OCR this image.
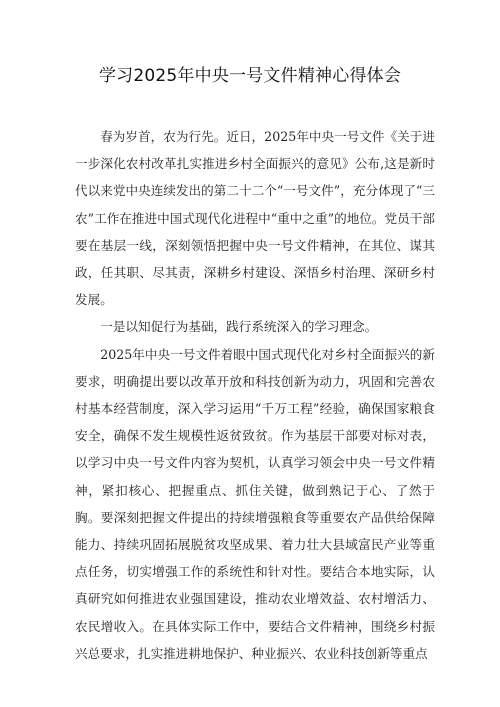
学习2025年中央一号文件精神心得体会

春为岁首，农为行先。近日，2025年中央一号文件《关于进一步深化农村改革扎实推进乡村全面振兴的意见》公布,这是新时代以来党中央连续发出的第二十二个“一号文件”，充分体现了“三农”工作在推进中国式现代化进程中“重中之重”的地位。党员干部要在基层一线，深刻领悟把握中央一号文件精神，在其位、谋其政，任其职、尽其责，深耕乡村建设、深悟乡村治理、深研乡村发展。

一是以知促行为基础，践行系统深入的学习理念。

2025年中央一号文件着眼中国式现代化对乡村全面振兴的新要求，明确提出要以改革开放和科技创新为动力，巩固和完善农村基本经营制度，深入学习运用“千万工程”经验，确保国家粮食安全，确保不发生规模性返贫致贫。作为基层干部要对标对表，以学习中央一号文件内容为契机，认真学习领会中央一号文件精神，紧扣核心、把握重点、抓住关键，做到熟记于心、了然于胸。要深刻把握文件提出的持续增强粮食等重要农产品供给保障能力、持续巩固拓展脱贫攻坚成果、着力壮大县域富民产业等重点任务，切实增强工作的系统性和针对性。要结合本地实际，认真研究如何推进农业强国建设，推动农业增效益、农村增活力、农民增收入。在具体实际工作中，要结合文件精神，围绕乡村振兴总要求，扎实推进耕地保护、种业振兴、农业科技创新等重点
